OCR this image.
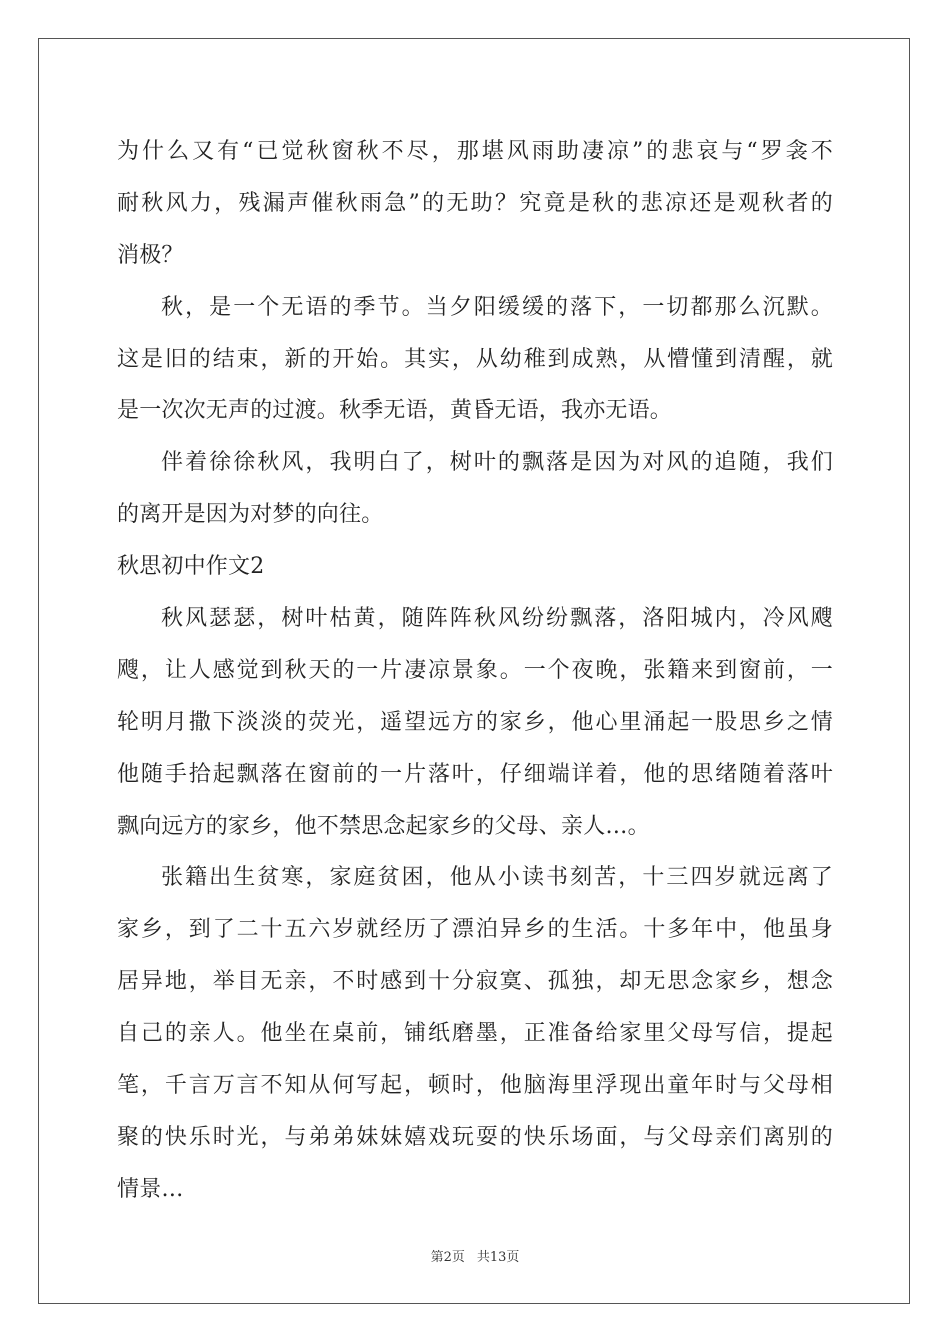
为什么又有“已觉秋窗秋不尽，那堪风雨助凄凉”的悲哀与“罗衾不
耐秋风力，残漏声催秋雨急”的无助？究竟是秋的悲凉还是观秋者的
消极？
秋，是一个无语的季节。当夕阳缓缓的落下，一切都那么沉默。
这是旧的结束，新的开始。其实，从幼稚到成熟，从懵懂到清醒，就
是一次次无声的过渡。秋季无语，黄昏无语，我亦无语。
伴着徐徐秋风，我明白了，树叶的飘落是因为对风的追随，我们
的离开是因为对梦的向往。
秋思初中作文2
秋风瑟瑟，树叶枯黄，随阵阵秋风纷纷飘落，洛阳城内，冷风飕
飕，让人感觉到秋天的一片凄凉景象。一个夜晚，张籍来到窗前，一
轮明月撒下淡淡的荧光，遥望远方的家乡，他心里涌起一股思乡之情
他随手拾起飘落在窗前的一片落叶，仔细端详着，他的思绪随着落叶
飘向远方的家乡，他不禁思念起家乡的父母、亲人…。
张籍出生贫寒，家庭贫困，他从小读书刻苦，十三四岁就远离了
家乡，到了二十五六岁就经历了漂泊异乡的生活。十多年中，他虽身
居异地，举目无亲，不时感到十分寂寞、孤独，却无思念家乡，想念
自己的亲人。他坐在桌前，铺纸磨墨，正准备给家里父母写信，提起
笔，千言万言不知从何写起，顿时，他脑海里浮现出童年时与父母相
聚的快乐时光，与弟弟妹妹嬉戏玩耍的快乐场面，与父母亲们离别的
情景…
第2页 共13页
